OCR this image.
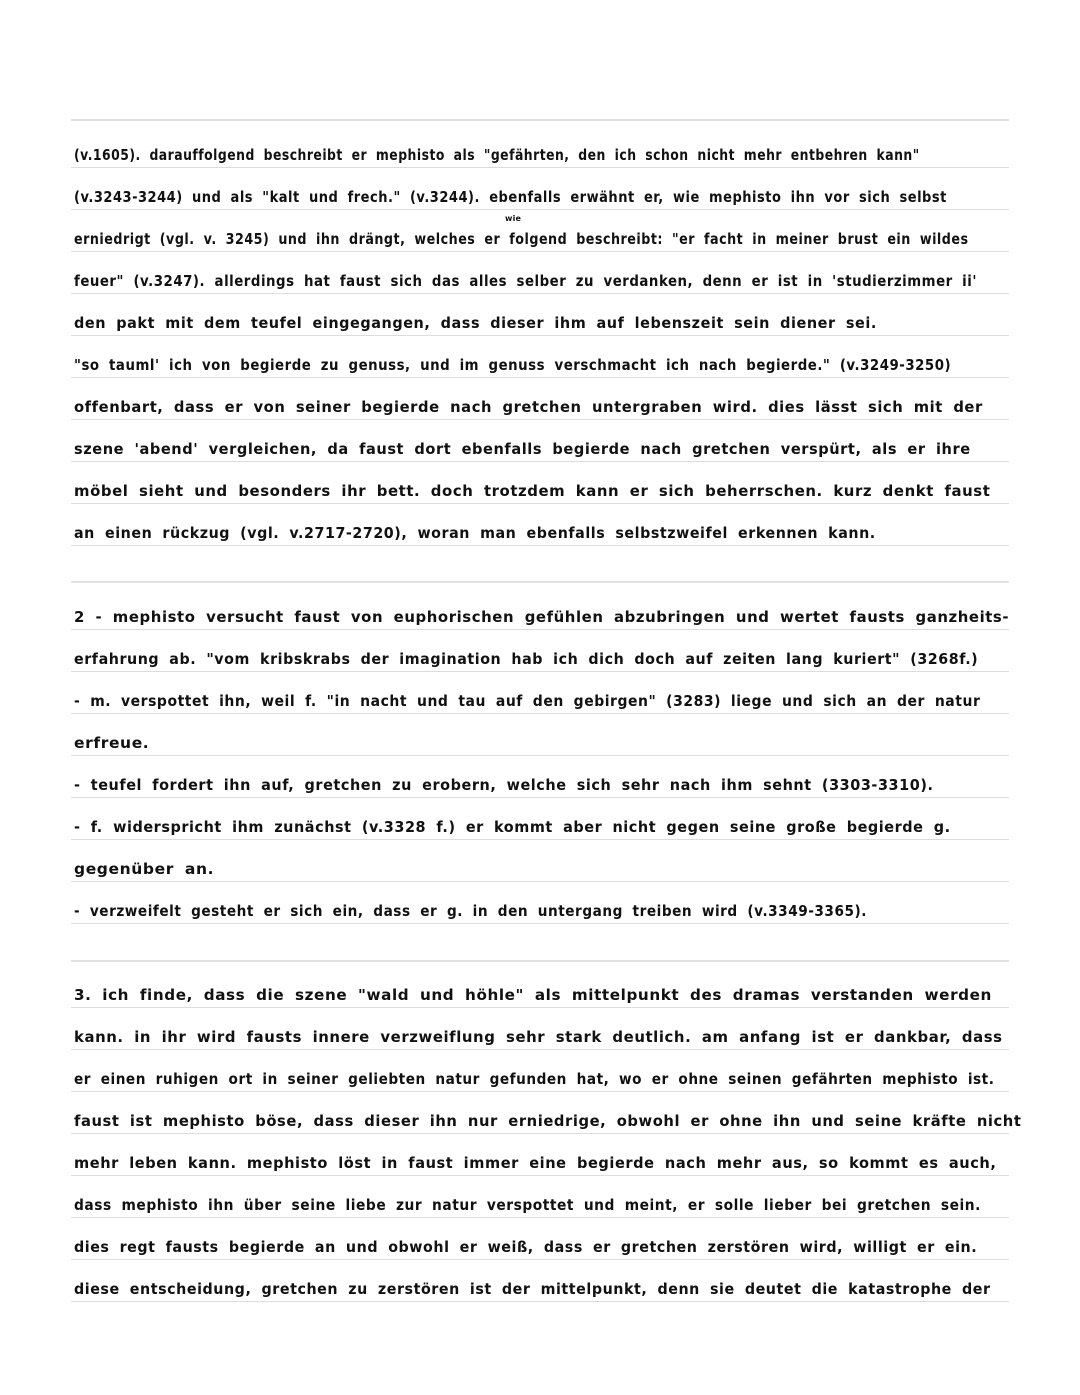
(v.1605). darauffolgend beschreibt er mephisto als "gefährten, den ich schon nicht mehr entbehren kann"
(v.3243-3244) und als "kalt und frech." (v.3244). ebenfalls erwähnt er, wie mephisto ihn vor sich selbst
erniedrigt (vgl. v. 3245) und ihn drängt, welches er folgend beschreibt: "er facht in meiner brust ein wildes
wie
feuer" (v.3247). allerdings hat faust sich das alles selber zu verdanken, denn er ist in 'studierzimmer ii'
den pakt mit dem teufel eingegangen, dass dieser ihm auf lebenszeit sein diener sei.
"so tauml' ich von begierde zu genuss, und im genuss verschmacht ich nach begierde." (v.3249-3250)
offenbart, dass er von seiner begierde nach gretchen untergraben wird. dies lässt sich mit der
szene 'abend' vergleichen, da faust dort ebenfalls begierde nach gretchen verspürt, als er ihre
möbel sieht und besonders ihr bett. doch trotzdem kann er sich beherrschen. kurz denkt faust
an einen rückzug (vgl. v.2717-2720), woran man ebenfalls selbstzweifel erkennen kann.
2 - mephisto versucht faust von euphorischen gefühlen abzubringen und wertet fausts ganzheits-
erfahrung ab. "vom kribskrabs der imagination hab ich dich doch auf zeiten lang kuriert" (3268f.)
- m. verspottet ihn, weil f. "in nacht und tau auf den gebirgen" (3283) liege und sich an der natur
erfreue.
- teufel fordert ihn auf, gretchen zu erobern, welche sich sehr nach ihm sehnt (3303-3310).
- f. widerspricht ihm zunächst (v.3328 f.) er kommt aber nicht gegen seine große begierde g.
gegenüber an.
- verzweifelt gesteht er sich ein, dass er g. in den untergang treiben wird (v.3349-3365).
3. ich finde, dass die szene "wald und höhle" als mittelpunkt des dramas verstanden werden
kann. in ihr wird fausts innere verzweiflung sehr stark deutlich. am anfang ist er dankbar, dass
er einen ruhigen ort in seiner geliebten natur gefunden hat, wo er ohne seinen gefährten mephisto ist.
faust ist mephisto böse, dass dieser ihn nur erniedrige, obwohl er ohne ihn und seine kräfte nicht
mehr leben kann. mephisto löst in faust immer eine begierde nach mehr aus, so kommt es auch,
dass mephisto ihn über seine liebe zur natur verspottet und meint, er solle lieber bei gretchen sein.
dies regt fausts begierde an und obwohl er weiß, dass er gretchen zerstören wird, willigt er ein.
diese entscheidung, gretchen zu zerstören ist der mittelpunkt, denn sie deutet die katastrophe der
